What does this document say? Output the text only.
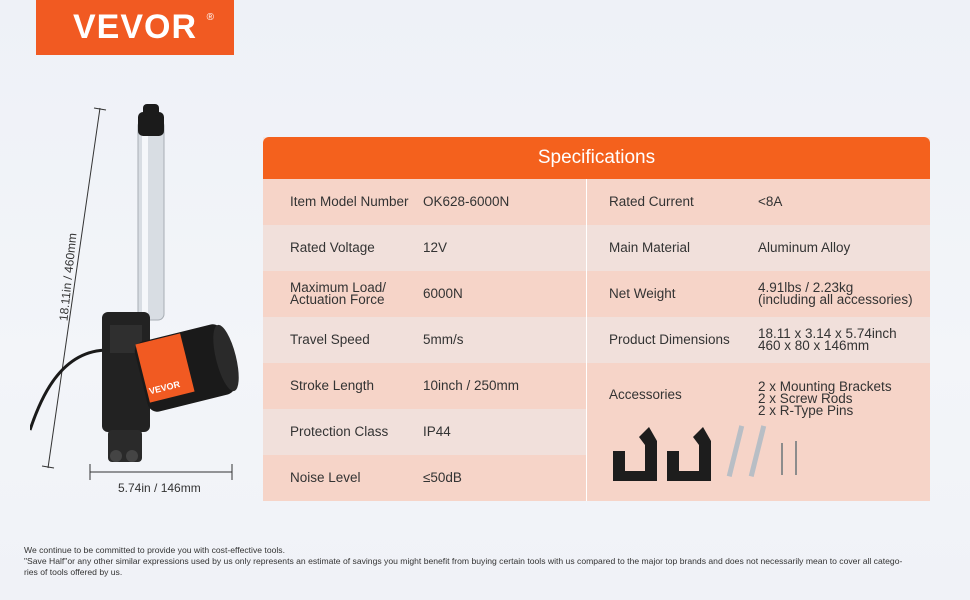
VEVOR ®
VEVOR
18.11in / 460mm
5.74in / 146mm
Specifications
Item Model Number OK628-6000N
Rated Voltage	12V
Maximum Load/
Actuation Force	6000N
Travel Speed	5mm/s
Stroke Length	10inch / 250mm
Protection Class	IP44
Noise Level	≤50dB
Rated Current	<8A
Main Material	Aluminum Alloy
Net Weight	4.91lbs / 2.23kg
(including all accessories)
Product Dimensions 18.11 x 3.14 x 5.74inch
460 x 80 x 146mm
Accessories
2 x Mounting Brackets
2 x Screw Rods
2 x R-Type Pins
We continue to be committed to provide you with cost-effective tools.
"Save Half"or any other similar expressions used by us only represents an estimate of savings you might benefit from buying certain tools with us compared to the major top brands and does not necessarily mean to cover all catego-
ries of tools offered by us.
